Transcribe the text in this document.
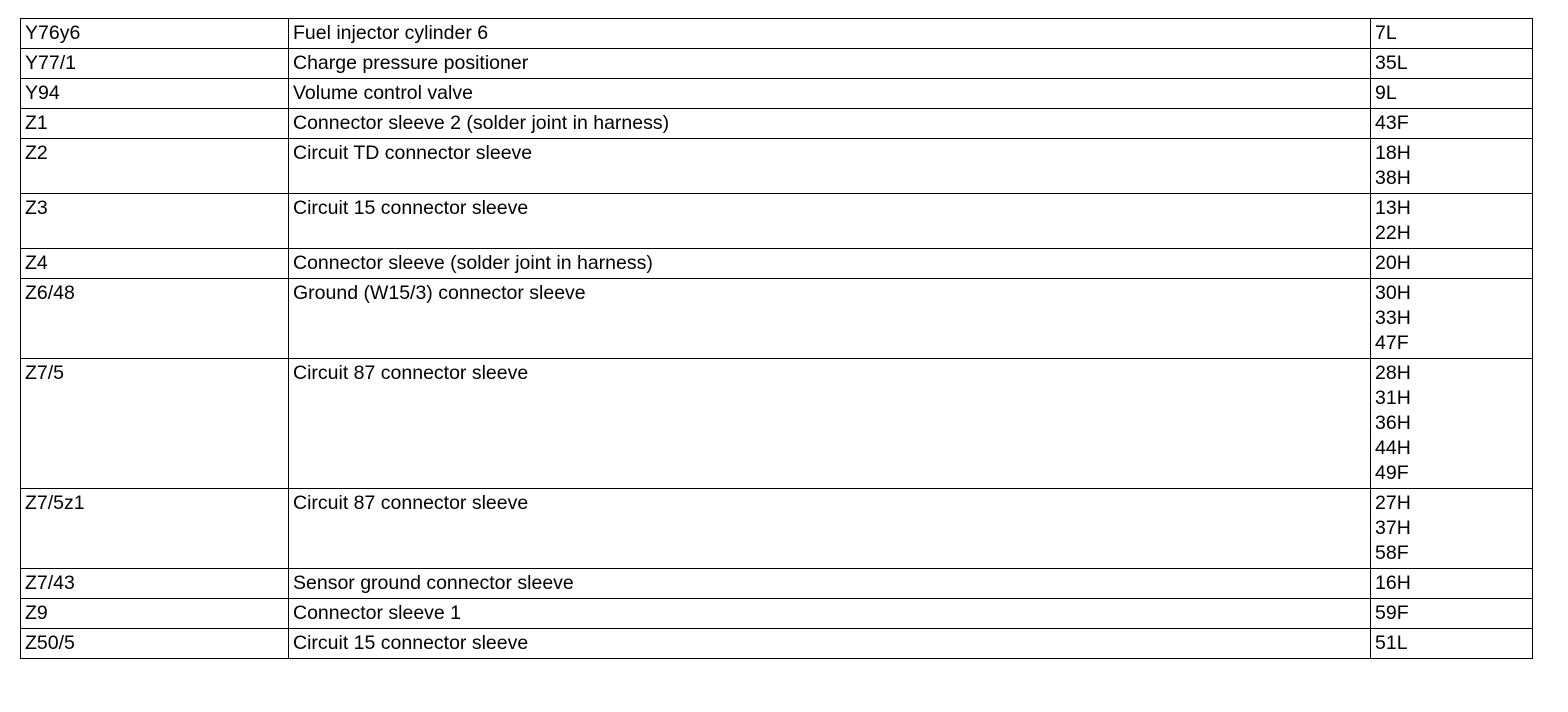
Y76y6	Fuel injector cylinder 6	7L

Y77/1	Charge pressure positioner	35L

Y94	Volume control valve	9L

Z1	Connector sleeve 2 (solder joint in harness)	43F

Z2	Circuit TD connector sleeve	18H
38H

Z3	Circuit 15 connector sleeve	13H
22H

Z4	Connector sleeve (solder joint in harness)	20H

Z6/48	Ground (W15/3) connector sleeve	30H
33H
47F

Z7/5	Circuit 87 connector sleeve	28H
31H
36H
44H
49F

Z7/5z1	Circuit 87 connector sleeve	27H
37H
58F

Z7/43	Sensor ground connector sleeve	16H

Z9	Connector sleeve 1	59F

Z50/5	Circuit 15 connector sleeve	51L
